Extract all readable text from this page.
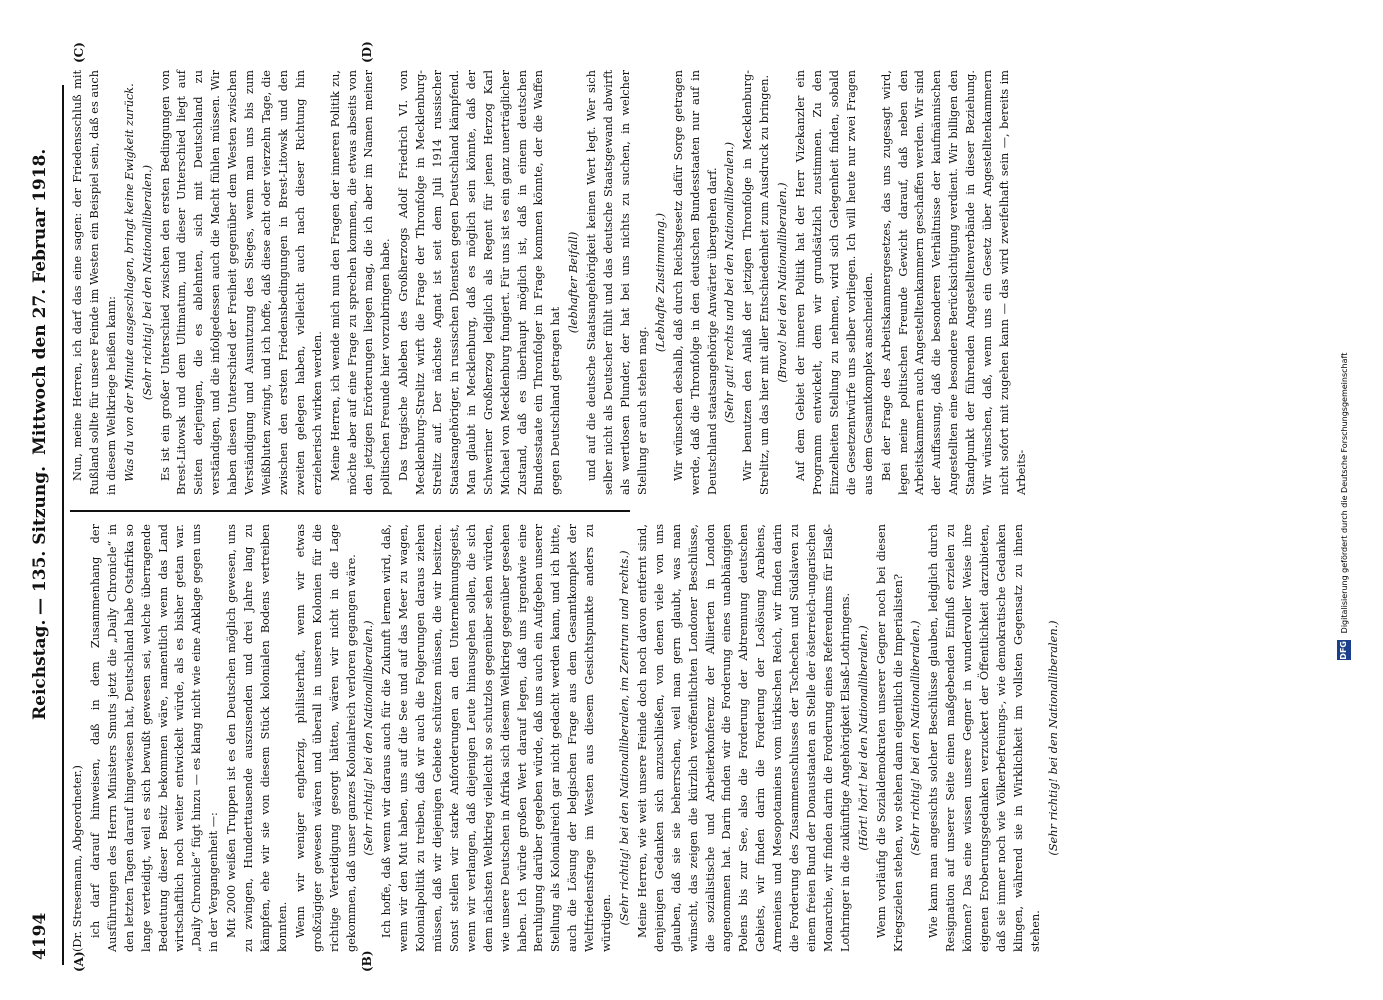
4194
Reichstag.
— 135. Sitzung.
Mittwoch den 27. Februar 1918.
(A)	(B)
(C)	(D)

(Dr. Stresemann, Abgeordneter.) ich darf darauf hinweisen, daß in dem Zusammenhang der Ausführungen des Herrn Ministers Smuts jetzt die „Daily Chronicle“ in den letzten Tagen darauf hingewiesen hat, Deutschland habe Ostafrika so lange verteidigt, weil es sich bewußt gewesen sei, welche überragende Bedeutung dieser Besitz bekommen wäre, namentlich wenn das Land wirtschaftlich noch weiter entwickelt würde, als es bisher getan war. „Daily Chronicle“ fügt hinzu — es klang nicht wie eine Anklage gegen uns in der Vergangenheit —: Mit 2000 weißen Truppen ist es den Deutschen möglich gewesen, uns zu zwingen, Hunderttausende auszusenden und drei Jahre lang zu kämpfen, ehe wir sie von diesem Stück kolonialen Bodens vertreiben konnten. Wenn wir weniger engherzig, philisterhaft, wenn wir etwas großzügiger gewesen wären und überall in unseren Kolonien für die richtige Verteidigung gesorgt hätten, wären wir nicht in die Lage gekommen, daß unser ganzes Kolonialreich verloren gegangen wäre. (Sehr richtig! bei den Nationalliberalen.) Ich hoffe, daß wenn wir daraus auch für die Zukunft lernen wird, daß, wenn wir den Mut haben, uns auf die See und auf das Meer zu wagen, Kolonialpolitik zu treiben, daß wir auch die Folgerungen daraus ziehen müssen, daß wir diejenigen Gebiete schützen müssen, die wir besitzen. Sonst stellen wir starke Anforderungen an den Unternehmungsgeist, wenn wir verlangen, daß diejenigen Leute hinausgehen sollen, die sich dem nächsten Weltkrieg vielleicht so schutzlos gegenüber sehen würden, wie unsere Deutschen in Afrika sich diesem Weltkrieg gegenüber gesehen haben. Ich würde großen Wert darauf legen, daß uns irgendwie eine Beruhigung darüber gegeben würde, daß uns auch ein Aufgeben unserer Stellung als Kolonialreich gar nicht gedacht werden kann, und ich bitte, auch die Lösung der belgischen Frage aus dem Gesamtkomplex der Weltfriedensfrage im Westen aus diesem Gesichtspunkte anders zu würdigen. (Sehr richtig! bei den Nationalliberalen, im Zentrum und rechts.) Meine Herren, wie weit unsere Feinde doch noch davon entfernt sind, denjenigen Gedanken sich anzuschließen, von denen viele von uns glauben, daß sie sie beherrschen, weil man gern glaubt, was man wünscht, das zeigen die kürzlich veröffentlichten Londoner Beschlüsse, die sozialistische und Arbeiterkonferenz der Alliierten in London angenommen hat. Darin finden wir die Forderung eines unabhängigen Polens bis zur See, also die Forderung der Abtrennung deutschen Gebiets, wir finden darin die Forderung der Loslösung Arabiens, Armeniens und Mesopotamiens vom türkischen Reich, wir finden darin die Forderung des Zusammenschlusses der Tschechen und Südslaven zu einem freien Bund der Donaustaaten an Stelle der österreich-ungarischen Monarchie, wir finden darin die Forderung eines Referendums für Elsaß-Lothringer in die zukünftige Angehörigkeit Elsaß-Lothringens. (Hört! hört! bei den Nationalliberalen.) Wenn vorläufig die Sozialdemokraten unserer Gegner noch bei diesen Kriegszielen stehen, wo stehen dann eigentlich die Imperialisten? (Sehr richtig! bei den Nationalliberalen.) Wie kann man angesichts solcher Beschlüsse glauben, lediglich durch Resignation auf unserer Seite einen maßgebenden Einfluß erzielen zu können? Das eine wissen unsere Gegner in wundervoller Weise ihre eigenen Eroberungsgedanken verzuckert der Öffentlichkeit darzubieten, daß sie immer noch wie Völkerbefreiungs-, wie demokratische Gedanken klingen, während sie in Wirklichkeit im vollsten Gegensatz zu ihnen stehen.

(Sehr richtig! bei den Nationalliberalen.)

Nun, meine Herren, ich darf das eine sagen: der Friedensschluß mit Rußland sollte für unsere Feinde im Westen ein Beispiel sein, daß es auch in diesem Weltkriege heißen kann: Was du von der Minute ausgeschlagen, bringt keine Ewigkeit zurück. (Sehr richtig! bei den Nationalliberalen.) Es ist ein großer Unterschied zwischen den ersten Bedingungen von Brest-Litowsk und dem Ultimatum, und dieser Unterschied liegt auf Seiten derjenigen, die es ablehnten, sich mit Deutschland zu verständigen, und die infolgedessen auch die Macht fühlen müssen. Wir haben diesen Unterschied der Freiheit gegenüber dem Westen zwischen Verständigung und Ausnutzung des Sieges, wenn man uns bis zum Weißbluten zwingt, und ich hoffe, daß diese acht oder vierzehn Tage, die zwischen den ersten Friedensbedingungen in Brest-Litowsk und den zweiten gelegen haben, vielleicht auch nach dieser Richtung hin erzieherisch wirken werden. Meine Herren, ich wende mich nun den Fragen der inneren Politik zu, möchte aber auf eine Frage zu sprechen kommen, die etwas abseits von den jetzigen Erörterungen liegen mag, die ich aber im Namen meiner politischen Freunde hier vorzubringen habe. Das tragische Ableben des Großherzogs Adolf Friedrich VI. von Mecklenburg-Strelitz wirft die Frage der Thronfolge in Mecklenburg-Strelitz auf. Der nächste Agnat ist seit dem Juli 1914 russischer Staatsangehöriger, in russischen Diensten gegen Deutschland kämpfend. Man glaubt in Mecklenburg, daß es möglich sein könnte, daß der Schweriner Großherzog lediglich als Regent für jenen Herzog Karl Michael von Mecklenburg fungiert. Für uns ist es ein ganz unerträglicher Zustand, daß es überhaupt möglich ist, daß in einem deutschen Bundesstaate ein Thronfolger in Frage kommen könnte, der die Waffen gegen Deutschland getragen hat

(lebhafter Beifall) und auf die deutsche Staatsangehörigkeit keinen Wert legt. Wer sich selber nicht als Deutscher fühlt und das deutsche Staatsgewand abwirft als wertlosen Plunder, der hat bei uns nichts zu suchen, in welcher Stellung er auch stehen mag.

(Lebhafte Zustimmung.) Wir wünschen deshalb, daß durch Reichsgesetz dafür Sorge getragen werde, daß die Thronfolge in den deutschen Bundesstaaten nur auf in Deutschland staatsangehörige Anwärter übergehen darf. (Sehr gut! rechts und bei den Nationalliberalen.) Wir benutzen den Anlaß der jetzigen Thronfolge in Mecklenburg-Strelitz, um das hier mit aller Entschiedenheit zum Ausdruck zu bringen. (Bravo! bei den Nationalliberalen.) Auf dem Gebiet der inneren Politik hat der Herr Vizekanzler ein Programm entwickelt, dem wir grundsätzlich zustimmen. Zu den Einzelheiten Stellung zu nehmen, wird sich Gelegenheit finden, sobald die Gesetzentwürfe uns selber vorliegen. Ich will heute nur zwei Fragen aus dem Gesamtkomplex anschneiden. Bei der Frage des Arbeitskammergesetzes, das uns zugesagt wird, legen meine politischen Freunde Gewicht darauf, daß neben den Arbeitskammern auch Angestelltenkammern geschaffen werden. Wir sind der Auffassung, daß die besonderen Verhältnisse der kaufmännischen Angestellten eine besondere Berücksichtigung verdient. Wir billigen den Standpunkt der führenden Angestelltenverbände in dieser Beziehung. Wir wünschen, daß, wenn uns ein Gesetz über Angestelltenkammern nicht sofort mit zugehen kann — das wird zweifelhaft sein —, bereits im Arbeits-

DFG
Digitalisierung gefördert durch die Deutsche Forschungsgemeinschaft
